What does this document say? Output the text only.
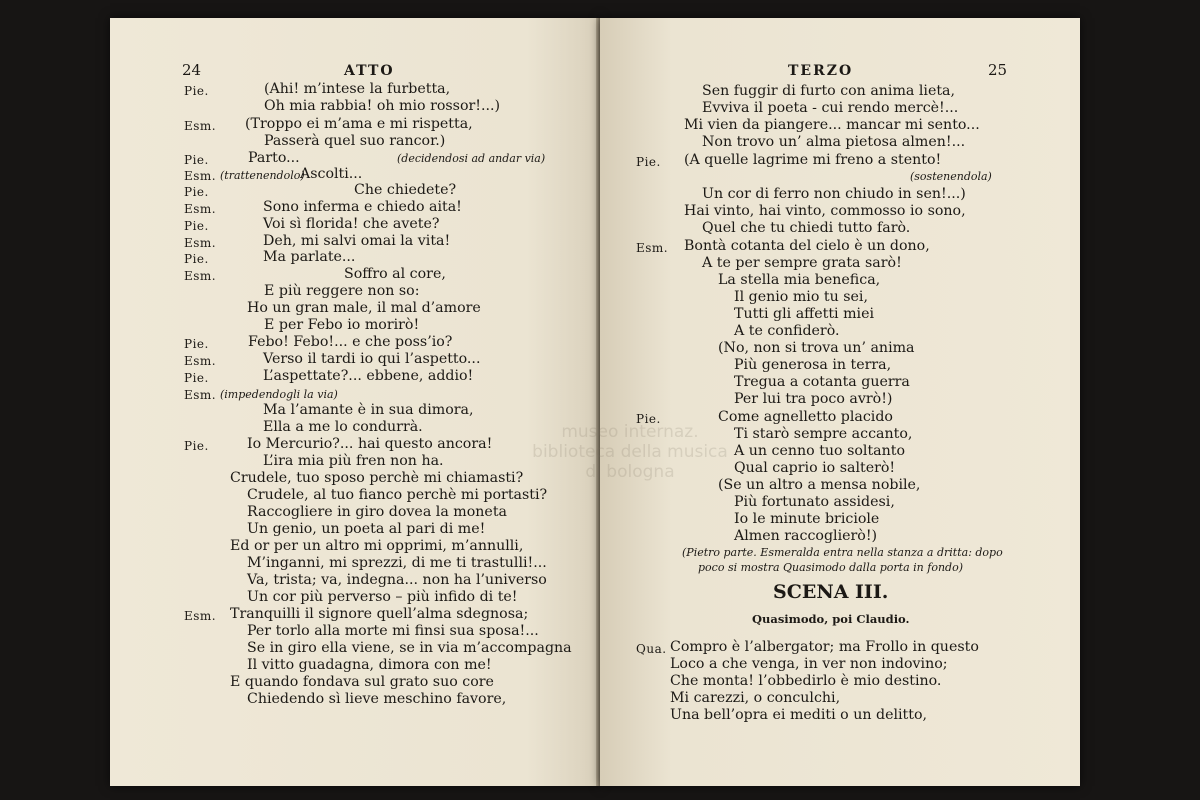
24	ATTO
Pie.	(Ahi! m’intese la furbetta,
Oh mia rabbia! oh mio rossor!...)
Esm. (Troppo ei m’ama e mi rispetta,
Passerà quel suo rancor.)
Pie.	Parto...	(decidendosi ad andar via)
Esm. (trattenendolo)
Ascolti...
Pie.	Che chiedete?
Esm.	Sono inferma e chiedo aita!
Pie.	Voi sì florida! che avete?
Esm.	Deh, mi salvi omai la vita!
Pie.	Ma parlate...
Esm.	Soffro al core,
E più reggere non so:
Ho un gran male, il mal d’amore
E per Febo io morirò!
Pie.	Febo! Febo!... e che poss’io?
Esm.	Verso il tardi io qui l’aspetto...
Pie.	L’aspettate?... ebbene, addio!
Esm. (impedendogli la via)
Ma l’amante è in sua dimora,
Ella a me lo condurrà.
Pie.	Io Mercurio?... hai questo ancora!
L’ira mia più fren non ha.
Crudele, tuo sposo perchè mi chiamasti?
Crudele, al tuo fianco perchè mi portasti?
Raccogliere in giro dovea la moneta
Un genio, un poeta al pari di me!
Ed or per un altro mi opprimi, m’annulli,
M’inganni, mi sprezzi, di me ti trastulli!...
Va, trista; va, indegna... non ha l’universo
Un cor più perverso – più infido di te!
Esm. Tranquilli il signore quell’alma sdegnosa;
Per torlo alla morte mi finsi sua sposa!...
Se in giro ella viene, se in via m’accompagna
Il vitto guadagna, dimora con me!
E quando fondava sul grato suo core
Chiedendo sì lieve meschino favore,
TERZO	25
Sen fuggir di furto con anima lieta,
Evviva il poeta - cui rendo mercè!...
Mi vien da piangere... mancar mi sento...
Non trovo un’ alma pietosa almen!...
Pie. (A quelle lagrime mi freno a stento!
(sostenendola)
Un cor di ferro non chiudo in sen!...)
Hai vinto, hai vinto, commosso io sono,
Quel che tu chiedi tutto farò.
Esm. Bontà cotanta del cielo è un dono,
A te per sempre grata sarò!
La stella mia benefica,
Il genio mio tu sei,
Tutti gli affetti miei
A te confiderò.
(No, non si trova un’ anima
Più generosa in terra,
Tregua a cotanta guerra
Per lui tra poco avrò!)
Pie.	Come agnelletto placido
Ti starò sempre accanto,
A un cenno tuo soltanto
Qual caprio io salterò!
(Se un altro a mensa nobile,
Più fortunato assidesi,
Io le minute briciole
Almen raccoglierò!)
(Pietro parte. Esmeralda entra nella stanza a dritta: dopo
poco si mostra Quasimodo dalla porta in fondo)
SCENA III.
Quasimodo, poi Claudio.
Qua. Compro è l’albergator; ma Frollo in questo
Loco a che venga, in ver non indovino;
Che monta! l’obbedirlo è mio destino.
Mi carezzi, o conculchi,
Una bell’opra ei mediti o un delitto,
museo internaz.
biblioteca della musica
di bologna
